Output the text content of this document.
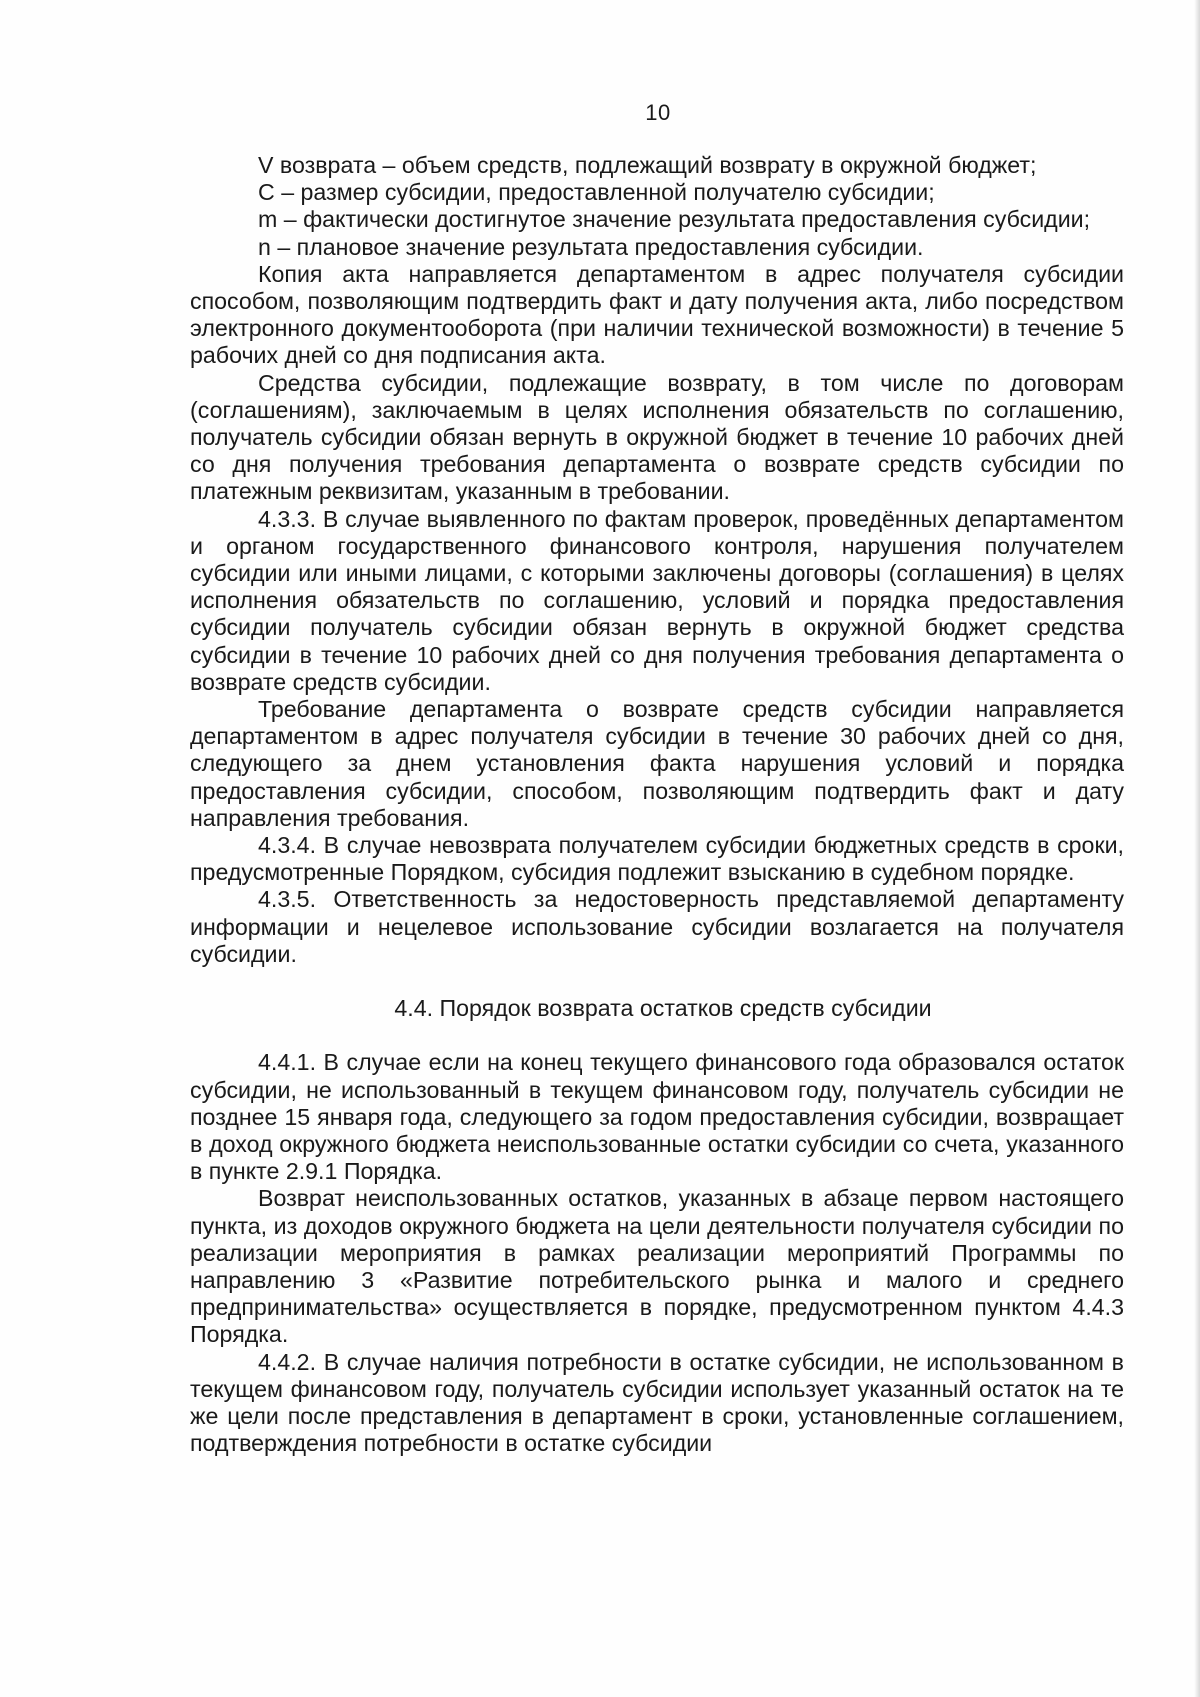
10

V возврата – объем средств, подлежащий возврату в окружной бюджет;

C – размер субсидии, предоставленной получателю субсидии;

m – фактически достигнутое значение результата предоставления субсидии;

n – плановое значение результата предоставления субсидии.

Копия акта направляется департаментом в адрес получателя субсидии способом, позволяющим подтвердить факт и дату получения акта, либо посредством электронного документооборота (при наличии технической возможности) в течение 5 рабочих дней со дня подписания акта.

Средства субсидии, подлежащие возврату, в том числе по договорам (соглашениям), заключаемым в целях исполнения обязательств по соглашению, получатель субсидии обязан вернуть в окружной бюджет в течение 10 рабочих дней со дня получения требования департамента о возврате средств субсидии по платежным реквизитам, указанным в требовании.

4.3.3. В случае выявленного по фактам проверок, проведённых департаментом и органом государственного финансового контроля, нарушения получателем субсидии или иными лицами, с которыми заключены договоры (соглашения) в целях исполнения обязательств по соглашению, условий и порядка предоставления субсидии получатель субсидии обязан вернуть в окружной бюджет средства субсидии в течение 10 рабочих дней со дня получения требования департамента о возврате средств субсидии.

Требование департамента о возврате средств субсидии направляется департаментом в адрес получателя субсидии в течение 30 рабочих дней со дня, следующего за днем установления факта нарушения условий и порядка предоставления субсидии, способом, позволяющим подтвердить факт и дату направления требования.

4.3.4. В случае невозврата получателем субсидии бюджетных средств в сроки, предусмотренные Порядком, субсидия подлежит взысканию в судебном порядке.

4.3.5. Ответственность за недостоверность представляемой департаменту информации и нецелевое использование субсидии возлагается на получателя субсидии.

4.4. Порядок возврата остатков средств субсидии

4.4.1. В случае если на конец текущего финансового года образовался остаток субсидии, не использованный в текущем финансовом году, получатель субсидии не позднее 15 января года, следующего за годом предоставления субсидии, возвращает в доход окружного бюджета неиспользованные остатки субсидии со счета, указанного в пункте 2.9.1 Порядка.

Возврат неиспользованных остатков, указанных в абзаце первом настоящего пункта, из доходов окружного бюджета на цели деятельности получателя субсидии по реализации мероприятия в рамках реализации мероприятий Программы по направлению 3 «Развитие потребительского рынка и малого и среднего предпринимательства» осуществляется в порядке, предусмотренном пунктом 4.4.3 Порядка.

4.4.2. В случае наличия потребности в остатке субсидии, не использованном в текущем финансовом году, получатель субсидии использует указанный остаток на те же цели после представления в департамент в сроки, установленные соглашением, подтверждения потребности в остатке субсидии
